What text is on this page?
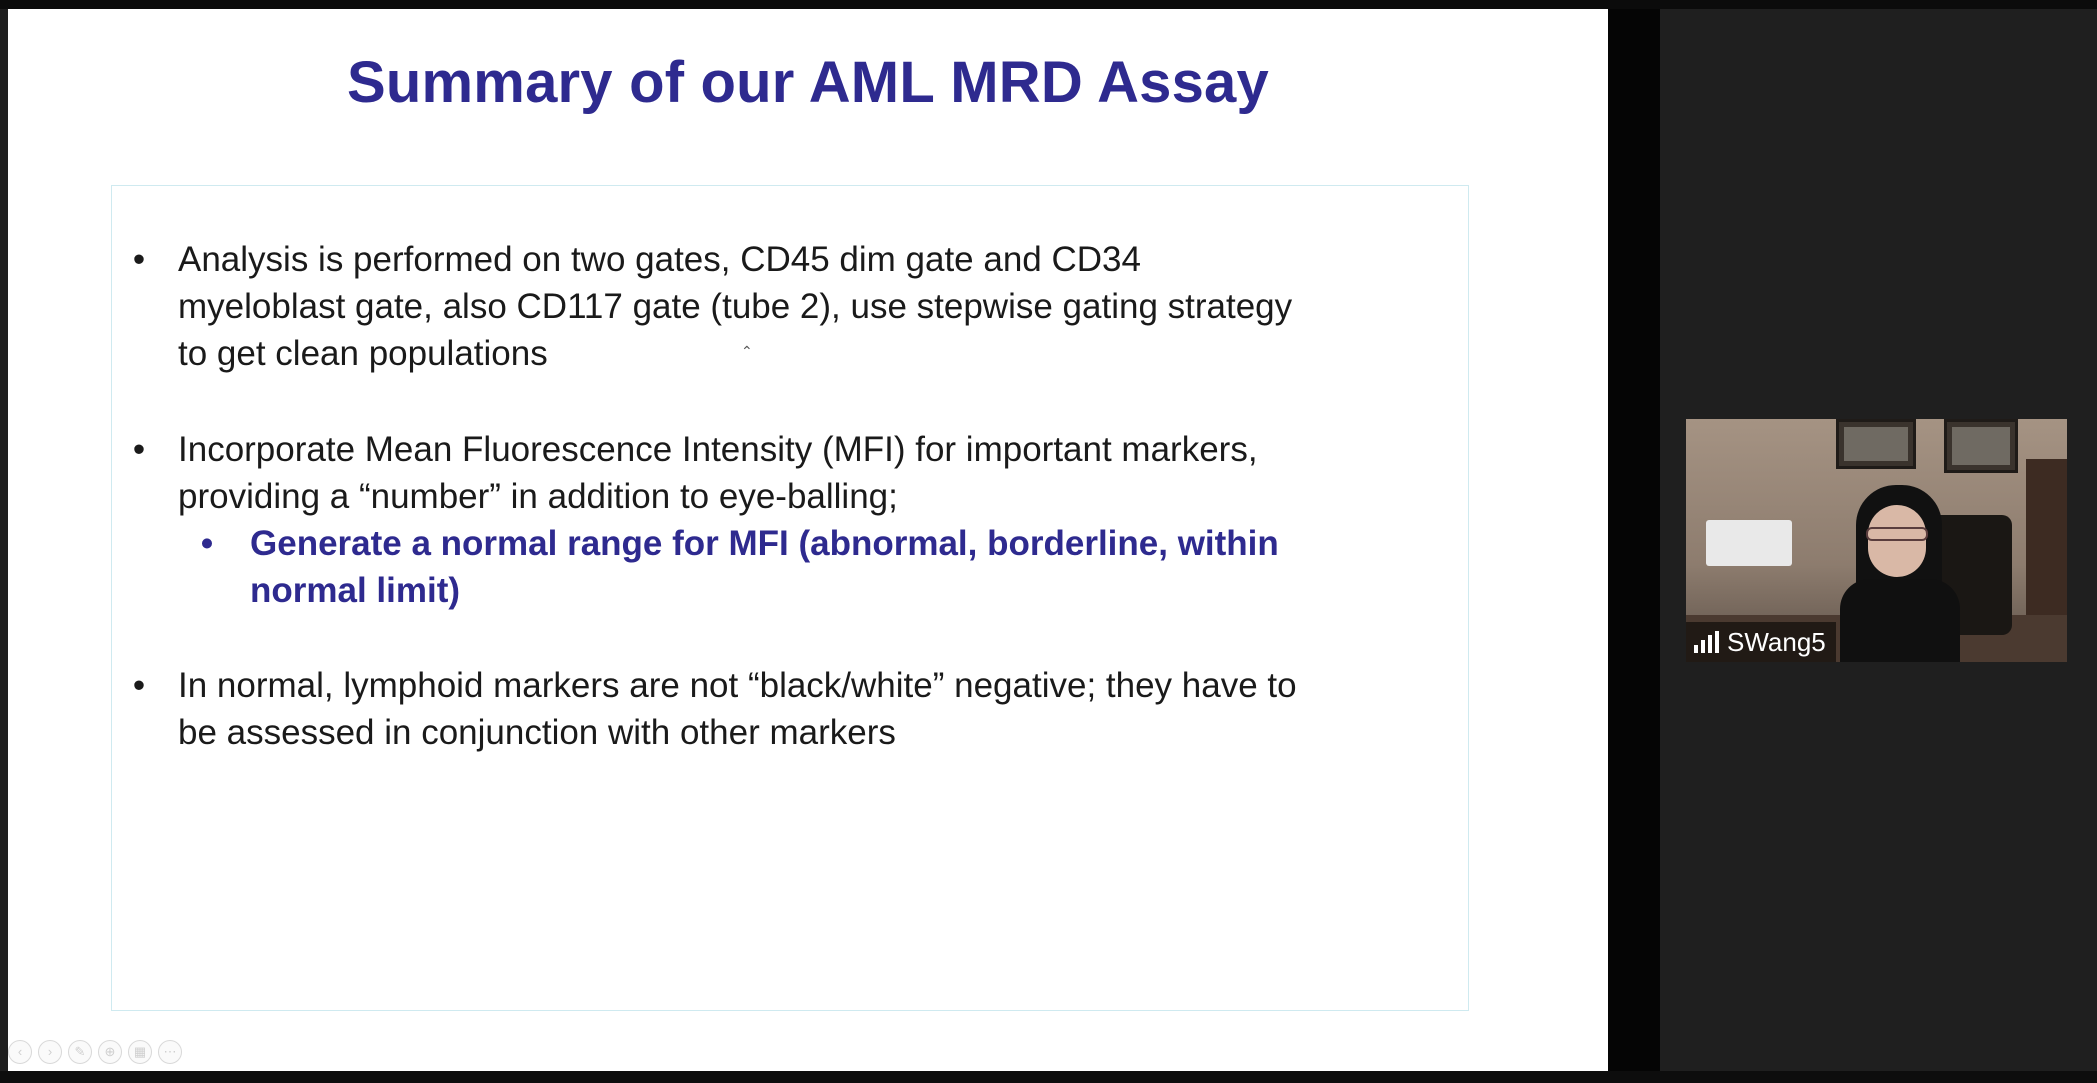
Summary of our AML MRD Assay
• Analysis is performed on two gates, CD45 dim gate and CD34
myeloblast gate, also CD117 gate (tube 2), use stepwise gating strategy
to get clean populations
• Incorporate Mean Fluorescence Intensity (MFI) for important markers,
providing a “number” in addition to eye-balling;
• Generate a normal range for MFI (abnormal, borderline, within
normal limit)
• In normal, lymphoid markers are not “black/white” negative; they have to
be assessed in conjunction with other markers
⌃
‹	›	✎	⊕	▦	⋯
SWang5
